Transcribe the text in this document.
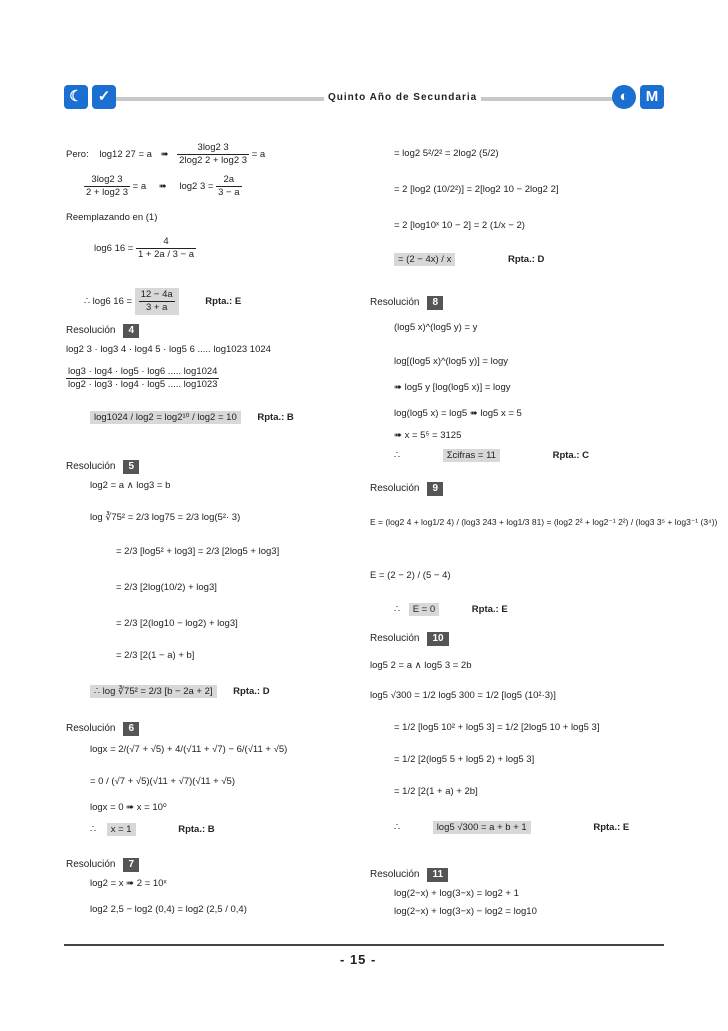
☾ ✓	Quinto Año de Secundaria	◐	M
Pero: log12 27 = a ➠ $\frac{3\log 2 3}{2\log 2 2 + \log 2 3} = a$
$\frac{3\log 2 3}{2 + \log 2 3} = a$ ➠ log2 $3 = \frac{2a}{3 - a}$
Reemplazando en (1)
log6 $16 = \frac{4}{1 + 2a / 3 - a}$
∴ log6 $16 = \frac{12 - 4a}{3 + a}$	Rpta.: E
Resolución 4
log2 3 · log3 4 · log4 5 · log5 6 ..... log1023 1024
$\frac{\log 3 \cdot \log 4 \cdot \log 5 \cdot \log 6 ..... \log 1024}{\log 2 \cdot \log 3 \cdot \log 4 \cdot \log 5 ..... \log 1023}$
log1024 / log2 = log2¹⁰ / log2 = 10 Rpta.: B
Resolución 5
log2 = a ∧ log3 = b
log ∛75² = 2/3 log75 = 2/3 log(5²· 3)
= 2/3 [log5² + log3] = 2/3 [2log5 + log3]
= 2/3 [2log(10/2) + log3]
= 2/3 [2(log10 − log2) + log3]
= 2/3 [2(1 − a) + b]
∴ log ∛75² = 2/3 [b − 2a + 2] Rpta.: D
Resolución 6
logx = 2/(√7 + √5) + 4/(√11 + √7) − 6/(√11 + √5)
= 0 / (√7 + √5)(√11 + √7)(√11 + √5)
logx = 0 ➠ x = 10⁰
∴ x = 1	Rpta.: B
Resolución 7
log2 = x ➠ 2 = 10ˣ
log2 2,5 − log2 (0,4) = log2 (2,5 / 0,4)
= log2 5²/2² = 2log2 (5/2)
= 2 [log2 (10/2²)] = 2[log2 10 − 2log2 2]
= 2 [log10ˣ 10 − 2] = 2 (1/x − 2)
= (2 − 4x) / x	Rpta.: D
Resolución 8
(log5 x)^(log5 y) = y
log[(log5 x)^(log5 y)] = logy
➠ log5 y [log(log5 x)] = logy
log(log5 x) = log5 ➠ log5 x = 5
➠ x = 5⁵ = 3125
∴	Σcifras = 11	Rpta.: C
Resolución 9
E = (log2 4 + log1/2 4) / (log3 243 + log1/3 81) = (log2 2² + log2⁻¹ 2²) / (log3 3⁵ + log3⁻¹ (3⁴))
E = (2 − 2) / (5 − 4)
∴ E = 0	Rpta.: E
Resolución 10
log5 2 = a ∧ log5 3 = 2b
log5 √300 = 1/2 log5 300 = 1/2 [log5 (10²·3)]
= 1/2 [log5 10² + log5 3] = 1/2 [2log5 10 + log5 3]
= 1/2 [2(log5 5 + log5 2) + log5 3]
= 1/2 [2(1 + a) + 2b]
∴	log5 √300 = a + b + 1	Rpta.: E
Resolución 11
log(2−x) + log(3−x) = log2 + 1
log(2−x) + log(3−x) − log2 = log10
- 15 -
